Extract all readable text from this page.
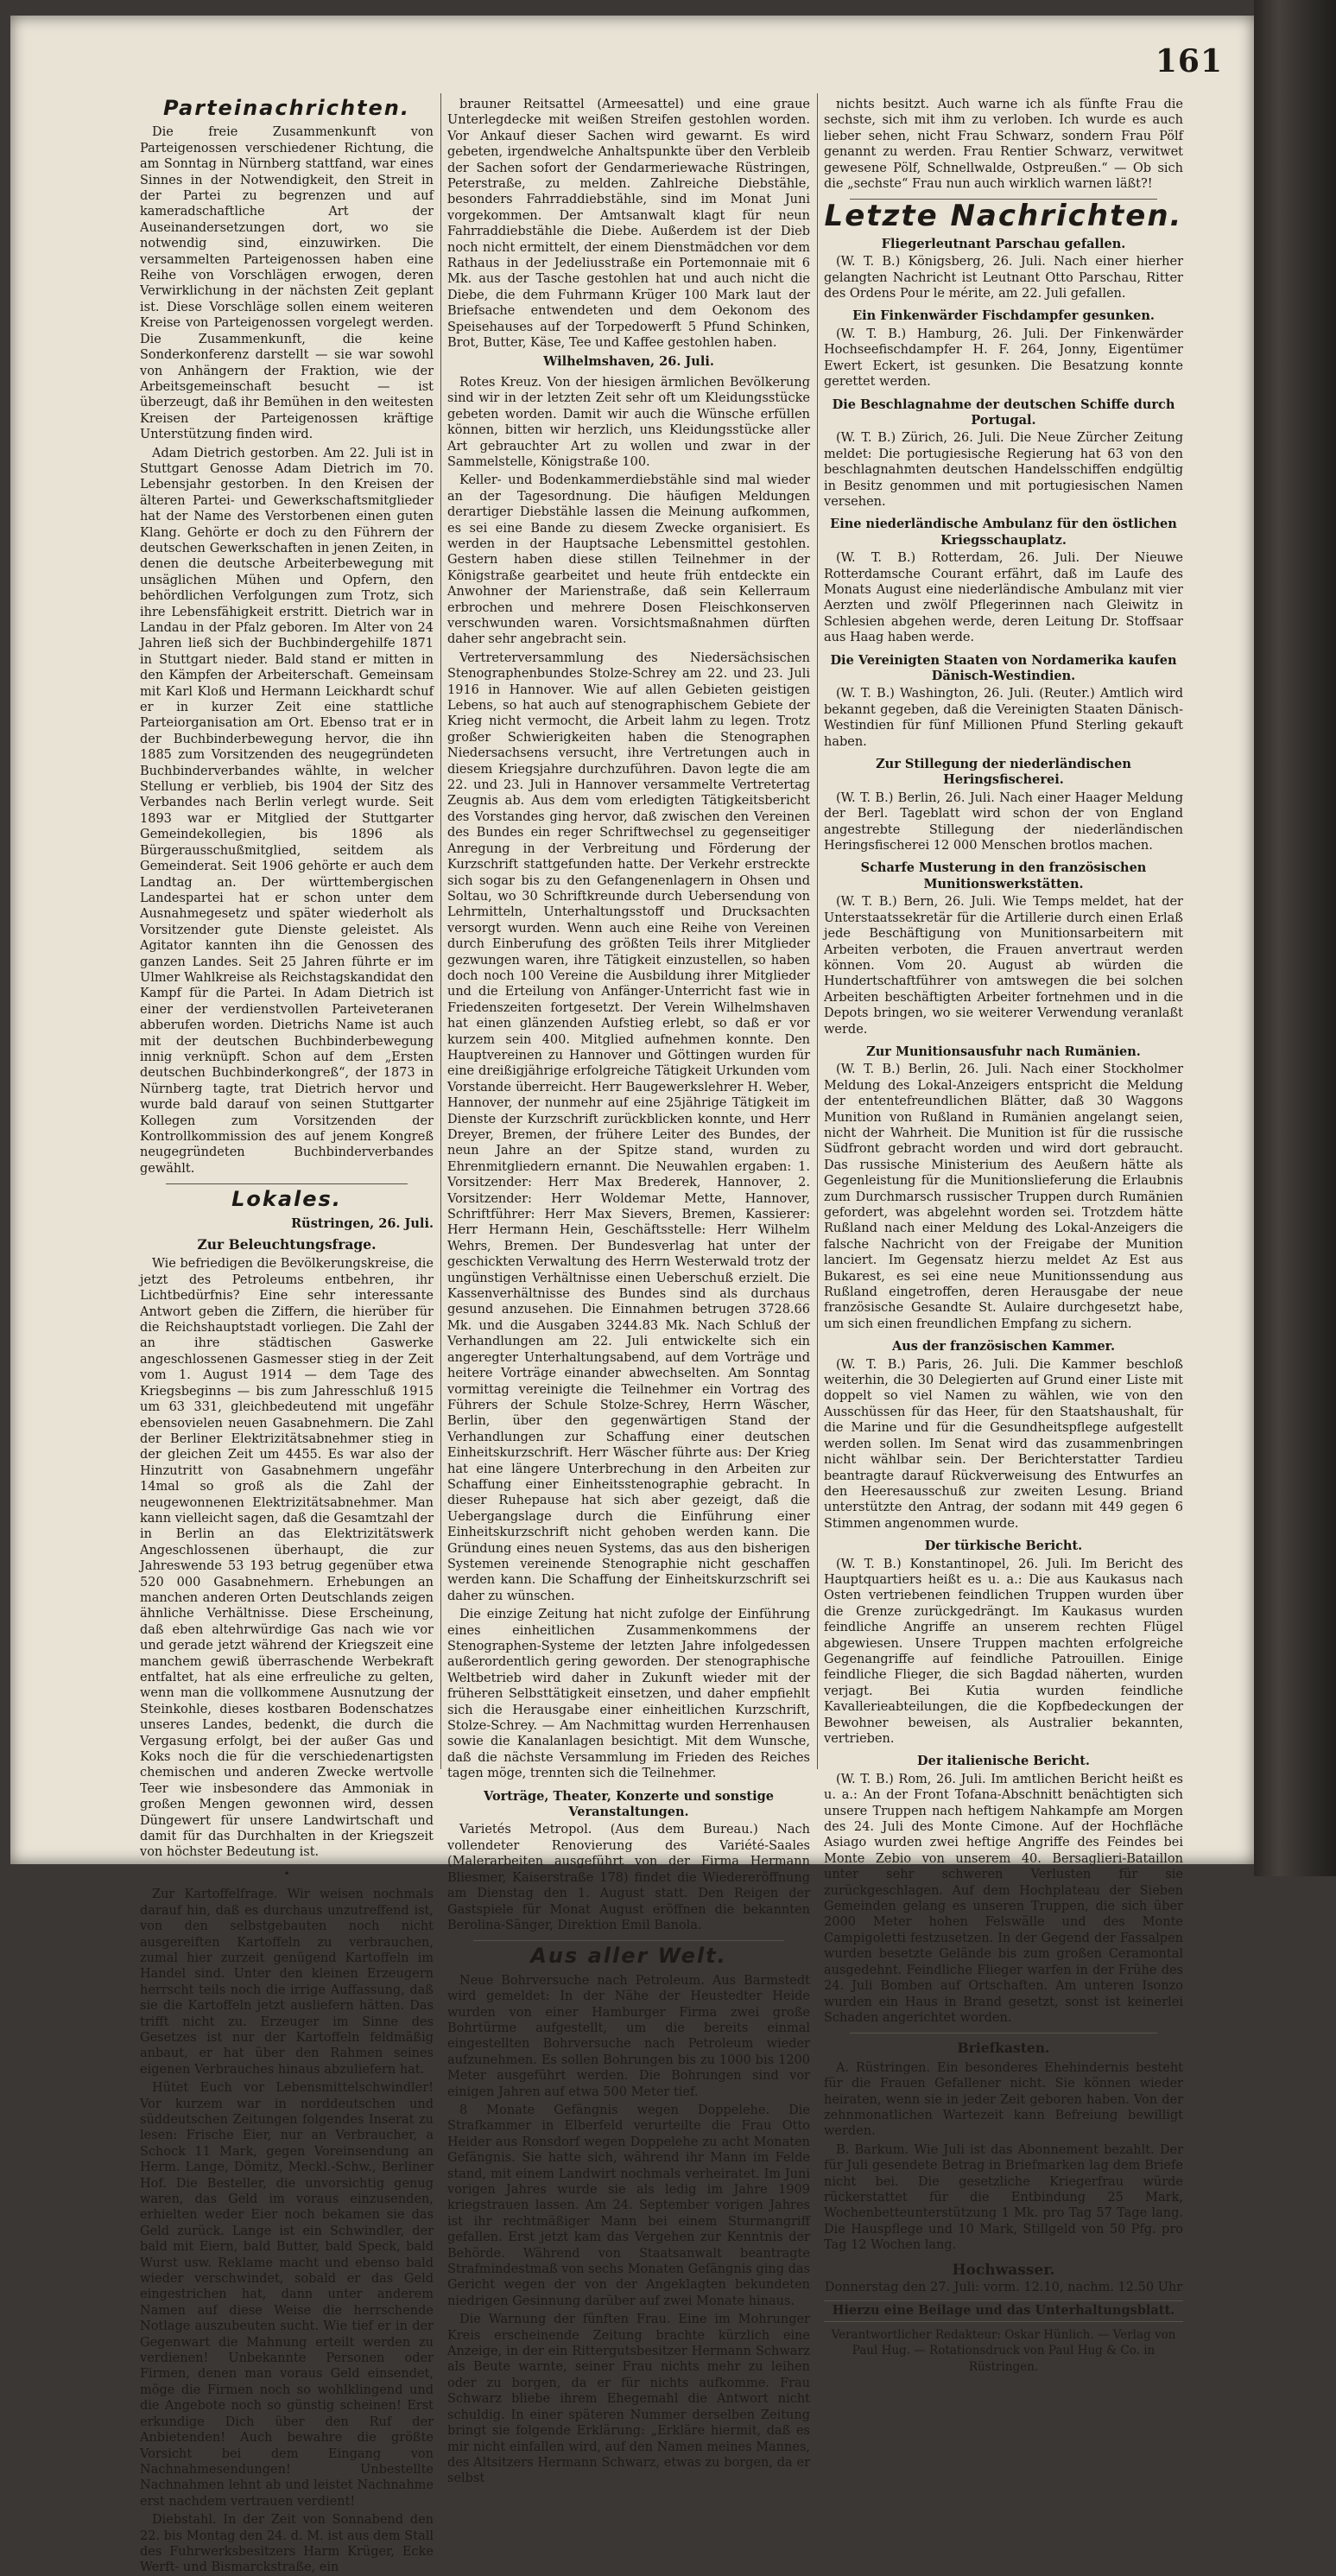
161
Parteinachrichten.

Die freie Zusammenkunft von Parteigenossen verschiedener Richtung, die am Sonntag in Nürnberg stattfand, war eines Sinnes in der Notwendigkeit, den Streit in der Partei zu begrenzen und auf kameradschaftliche Art der Auseinandersetzungen dort, wo sie notwendig sind, einzuwirken. Die versammelten Parteigenossen haben eine Reihe von Vorschlägen erwogen, deren Verwirklichung in der nächsten Zeit geplant ist. Diese Vorschläge sollen einem weiteren Kreise von Parteigenossen vorgelegt werden. Die Zusammenkunft, die keine Sonderkonferenz darstellt — sie war sowohl von Anhängern der Fraktion, wie der Arbeitsgemeinschaft besucht — ist überzeugt, daß ihr Bemühen in den weitesten Kreisen der Parteigenossen kräftige Unterstützung finden wird.

Adam Dietrich gestorben. Am 22. Juli ist in Stuttgart Genosse Adam Dietrich im 70. Lebensjahr gestorben. In den Kreisen der älteren Partei- und Gewerkschaftsmitglieder hat der Name des Verstorbenen einen guten Klang. Gehörte er doch zu den Führern der deutschen Gewerkschaften in jenen Zeiten, in denen die deutsche Arbeiterbewegung mit unsäglichen Mühen und Opfern, den behördlichen Verfolgungen zum Trotz, sich ihre Lebensfähigkeit erstritt. Dietrich war in Landau in der Pfalz geboren. Im Alter von 24 Jahren ließ sich der Buchbindergehilfe 1871 in Stuttgart nieder. Bald stand er mitten in den Kämpfen der Arbeiterschaft. Gemeinsam mit Karl Kloß und Hermann Leickhardt schuf er in kurzer Zeit eine stattliche Parteiorganisation am Ort. Ebenso trat er in der Buchbinderbewegung hervor, die ihn 1885 zum Vorsitzenden des neugegründeten Buchbinderverbandes wählte, in welcher Stellung er verblieb, bis 1904 der Sitz des Verbandes nach Berlin verlegt wurde. Seit 1893 war er Mitglied der Stuttgarter Gemeindekollegien, bis 1896 als Bürgerausschußmitglied, seitdem als Gemeinderat. Seit 1906 gehörte er auch dem Landtag an. Der württembergischen Landespartei hat er schon unter dem Ausnahmegesetz und später wiederholt als Vorsitzender gute Dienste geleistet. Als Agitator kannten ihn die Genossen des ganzen Landes. Seit 25 Jahren führte er im Ulmer Wahlkreise als Reichstagskandidat den Kampf für die Partei. In Adam Dietrich ist einer der verdienstvollen Parteiveteranen abberufen worden. Dietrichs Name ist auch mit der deutschen Buchbinderbewegung innig verknüpft. Schon auf dem „Ersten deutschen Buchbinderkongreß“, der 1873 in Nürnberg tagte, trat Dietrich hervor und wurde bald darauf von seinen Stuttgarter Kollegen zum Vorsitzenden der Kontrollkommission des auf jenem Kongreß neugegründeten Buchbinderverbandes gewählt.

Lokales.
Rüstringen, 26. Juli.
Zur Beleuchtungsfrage.

Wie befriedigen die Bevölkerungskreise, die jetzt des Petroleums entbehren, ihr Lichtbedürfnis? Eine sehr interessante Antwort geben die Ziffern, die hierüber für die Reichshauptstadt vorliegen. Die Zahl der an ihre städtischen Gaswerke angeschlossenen Gasmesser stieg in der Zeit vom 1. August 1914 — dem Tage des Kriegsbeginns — bis zum Jahresschluß 1915 um 63 331, gleichbedeutend mit ungefähr ebensovielen neuen Gasabnehmern. Die Zahl der Berliner Elektrizitätsabnehmer stieg in der gleichen Zeit um 4455. Es war also der Hinzutritt von Gasabnehmern ungefähr 14mal so groß als die Zahl der neugewonnenen Elektrizitätsabnehmer. Man kann vielleicht sagen, daß die Gesamtzahl der in Berlin an das Elektrizitätswerk Angeschlossenen überhaupt, die zur Jahreswende 53 193 betrug gegenüber etwa 520 000 Gasabnehmern. Erhebungen an manchen anderen Orten Deutschlands zeigen ähnliche Verhältnisse. Diese Erscheinung, daß eben altehrwürdige Gas nach wie vor und gerade jetzt während der Kriegszeit eine manchem gewiß überraschende Werbekraft entfaltet, hat als eine erfreuliche zu gelten, wenn man die vollkommene Ausnutzung der Steinkohle, dieses kostbaren Bodenschatzes unseres Landes, bedenkt, die durch die Vergasung erfolgt, bei der außer Gas und Koks noch die für die verschiedenartigsten chemischen und anderen Zwecke wertvolle Teer wie insbesondere das Ammoniak in großen Mengen gewonnen wird, dessen Düngewert für unsere Landwirtschaft und damit für das Durchhalten in der Kriegszeit von höchster Bedeutung ist.

•

Zur Kartoffelfrage. Wir weisen nochmals darauf hin, daß es durchaus unzutreffend ist, von den selbstgebauten noch nicht ausgereiften Kartoffeln zu verbrauchen, zumal hier zurzeit genügend Kartoffeln im Handel sind. Unter den kleinen Erzeugern herrscht teils noch die irrige Auffassung, daß sie die Kartoffeln jetzt ausliefern hätten. Das trifft nicht zu. Erzeuger im Sinne des Gesetzes ist nur der Kartoffeln feldmäßig anbaut, er hat über den Rahmen seines eigenen Verbrauches hinaus abzuliefern hat.

Hütet Euch vor Lebensmittelschwindler! Vor kurzem war in norddeutschen und süddeutschen Zeitungen folgendes Inserat zu lesen: Frische Eier, nur an Verbraucher, a Schock 11 Mark, gegen Voreinsendung an Herm. Lange, Dömitz, Meckl.-Schw., Berliner Hof. Die Besteller, die unvorsichtig genug waren, das Geld im voraus einzusenden, erhielten weder Eier noch bekamen sie das Geld zurück. Lange ist ein Schwindler, der bald mit Eiern, bald Butter, bald Speck, bald Wurst usw. Reklame macht und ebenso bald wieder verschwindet, sobald er das Geld eingestrichen hat, dann unter anderem Namen auf diese Weise die herrschende Notlage auszubeuten sucht. Wie tief er in der Gegenwart die Mahnung erteilt werden zu verdienen! Unbekannte Personen oder Firmen, denen man voraus Geld einsendet, möge die Firmen noch so wohlklingend und die Angebote noch so günstig scheinen! Erst erkundige Dich über den Ruf der Anbietenden! Auch bewahre die größte Vorsicht bei dem Eingang von Nachnahmesendungen! Unbestellte Nachnahmen lehnt ab und leistet Nachnahme erst nachdem vertrauen verdient!

Diebstahl. In der Zeit von Sonnabend den 22. bis Montag den 24. d. M. ist aus dem Stall des Fuhrwerksbesitzers Harm Krüger, Ecke Werft- und Bismarckstraße, ein

brauner Reitsattel (Armeesattel) und eine graue Unterlegdecke mit weißen Streifen gestohlen worden. Vor Ankauf dieser Sachen wird gewarnt. Es wird gebeten, irgendwelche Anhaltspunkte über den Verbleib der Sachen sofort der Gendarmeriewache Rüstringen, Peterstraße, zu melden. Zahlreiche Diebstähle, besonders Fahrraddiebstähle, sind im Monat Juni vorgekommen. Der Amtsanwalt klagt für neun Fahrraddiebstähle die Diebe. Außerdem ist der Dieb noch nicht ermittelt, der einem Dienstmädchen vor dem Rathaus in der Jedeliusstraße ein Portemonnaie mit 6 Mk. aus der Tasche gestohlen hat und auch nicht die Diebe, die dem Fuhrmann Krüger 100 Mark laut der Briefsache entwendeten und dem Oekonom des Speisehauses auf der Torpedowerft 5 Pfund Schinken, Brot, Butter, Käse, Tee und Kaffee gestohlen haben.

Wilhelmshaven, 26. Juli.

Rotes Kreuz. Von der hiesigen ärmlichen Bevölkerung sind wir in der letzten Zeit sehr oft um Kleidungsstücke gebeten worden. Damit wir auch die Wünsche erfüllen können, bitten wir herzlich, uns Kleidungsstücke aller Art gebrauchter Art zu wollen und zwar in der Sammelstelle, Königstraße 100.

Keller- und Bodenkammerdiebstähle sind mal wieder an der Tagesordnung. Die häufigen Meldungen derartiger Diebstähle lassen die Meinung aufkommen, es sei eine Bande zu diesem Zwecke organisiert. Es werden in der Hauptsache Lebensmittel gestohlen. Gestern haben diese stillen Teilnehmer in der Königstraße gearbeitet und heute früh entdeckte ein Anwohner der Marienstraße, daß sein Kellerraum erbrochen und mehrere Dosen Fleischkonserven verschwunden waren. Vorsichtsmaßnahmen dürften daher sehr angebracht sein.

Vertreterversammlung des Niedersächsischen Stenographenbundes Stolze-Schrey am 22. und 23. Juli 1916 in Hannover. Wie auf allen Gebieten geistigen Lebens, so hat auch auf stenographischem Gebiete der Krieg nicht vermocht, die Arbeit lahm zu legen. Trotz großer Schwierigkeiten haben die Stenographen Niedersachsens versucht, ihre Vertretungen auch in diesem Kriegsjahre durchzuführen. Davon legte die am 22. und 23. Juli in Hannover versammelte Vertretertag Zeugnis ab. Aus dem vom erledigten Tätigkeitsbericht des Vorstandes ging hervor, daß zwischen den Vereinen des Bundes ein reger Schriftwechsel zu gegenseitiger Anregung in der Verbreitung und Förderung der Kurzschrift stattgefunden hatte. Der Verkehr erstreckte sich sogar bis zu den Gefangenenlagern in Ohsen und Soltau, wo 30 Schriftkreunde durch Uebersendung von Lehrmitteln, Unterhaltungsstoff und Drucksachten versorgt wurden. Wenn auch eine Reihe von Vereinen durch Einberufung des größten Teils ihrer Mitglieder gezwungen waren, ihre Tätigkeit einzustellen, so haben doch noch 100 Vereine die Ausbildung ihrer Mitglieder und die Erteilung von Anfänger-Unterricht fast wie in Friedenszeiten fortgesetzt. Der Verein Wilhelmshaven hat einen glänzenden Aufstieg erlebt, so daß er vor kurzem sein 400. Mitglied aufnehmen konnte. Den Hauptvereinen zu Hannover und Göttingen wurden für eine dreißigjährige erfolgreiche Tätigkeit Urkunden vom Vorstande überreicht. Herr Baugewerkslehrer H. Weber, Hannover, der nunmehr auf eine 25jährige Tätigkeit im Dienste der Kurzschrift zurückblicken konnte, und Herr Dreyer, Bremen, der frühere Leiter des Bundes, der neun Jahre an der Spitze stand, wurden zu Ehrenmitgliedern ernannt. Die Neuwahlen ergaben: 1. Vorsitzender: Herr Max Brederek, Hannover, 2. Vorsitzender: Herr Woldemar Mette, Hannover, Schriftführer: Herr Max Sievers, Bremen, Kassierer: Herr Hermann Hein, Geschäftsstelle: Herr Wilhelm Wehrs, Bremen. Der Bundesverlag hat unter der geschickten Verwaltung des Herrn Westerwald trotz der ungünstigen Verhältnisse einen Ueberschuß erzielt. Die Kassenverhältnisse des Bundes sind als durchaus gesund anzusehen. Die Einnahmen betrugen 3728.66 Mk. und die Ausgaben 3244.83 Mk. Nach Schluß der Verhandlungen am 22. Juli entwickelte sich ein angeregter Unterhaltungsabend, auf dem Vorträge und heitere Vorträge einander abwechselten. Am Sonntag vormittag vereinigte die Teilnehmer ein Vortrag des Führers der Schule Stolze-Schrey, Herrn Wäscher, Berlin, über den gegenwärtigen Stand der Verhandlungen zur Schaffung einer deutschen Einheitskurzschrift. Herr Wäscher führte aus: Der Krieg hat eine längere Unterbrechung in den Arbeiten zur Schaffung einer Einheitsstenographie gebracht. In dieser Ruhepause hat sich aber gezeigt, daß die Uebergangslage durch die Einführung einer Einheitskurzschrift nicht gehoben werden kann. Die Gründung eines neuen Systems, das aus den bisherigen Systemen vereinende Stenographie nicht geschaffen werden kann. Die Schaffung der Einheitskurzschrift sei daher zu wünschen.

Die einzige Zeitung hat nicht zufolge der Einführung eines einheitlichen Zusammenkommens der Stenographen-Systeme der letzten Jahre infolgedessen außerordentlich gering geworden. Der stenographische Weltbetrieb wird daher in Zukunft wieder mit der früheren Selbsttätigkeit einsetzen, und daher empfiehlt sich die Herausgabe einer einheitlichen Kurzschrift, Stolze-Schrey. — Am Nachmittag wurden Herrenhausen sowie die Kanalanlagen besichtigt. Mit dem Wunsche, daß die nächste Versammlung im Frieden des Reiches tagen möge, trennten sich die Teilnehmer.

Vorträge, Theater, Konzerte und sonstige Veranstaltungen.

Varietés Metropol. (Aus dem Bureau.) Nach vollendeter Renovierung des Variété-Saales (Malerarbeiten ausgeführt von der Firma Hermann Bliesmer, Kaiserstraße 178) findet die Wiedereröffnung am Dienstag den 1. August statt. Den Reigen der Gastspiele für Monat August eröffnen die bekannten Berolina-Sänger, Direktion Emil Banola.

Aus aller Welt.

Neue Bohrversuche nach Petroleum. Aus Barmstedt wird gemeldet: In der Nähe der Heustedter Heide wurden von einer Hamburger Firma zwei große Bohrtürme aufgestellt, um die bereits einmal eingestellten Bohrversuche nach Petroleum wieder aufzunehmen. Es sollen Bohrungen bis zu 1000 bis 1200 Meter ausgeführt werden. Die Bohrungen sind vor einigen Jahren auf etwa 500 Meter tief.

8 Monate Gefängnis wegen Doppelehe. Die Strafkammer in Elberfeld verurteilte die Frau Otto Heider aus Ronsdorf wegen Doppelehe zu acht Monaten Gefängnis. Sie hatte sich, während ihr Mann im Felde stand, mit einem Landwirt nochmals verheiratet. Im Juni vorigen Jahres wurde sie als ledig im Jahre 1909 kriegstrauen lassen. Am 24. September vorigen Jahres ist ihr rechtmäßiger Mann bei einem Sturmangriff gefallen. Erst jetzt kam das Vergehen zur Kenntnis der Behörde. Während von Staatsanwalt beantragte Strafmindestmaß von sechs Monaten Gefängnis ging das Gericht wegen der von der Angeklagten bekundeten niedrigen Gesinnung darüber auf zwei Monate hinaus.

Die Warnung der fünften Frau. Eine im Mohrunger Kreis erscheinende Zeitung brachte kürzlich eine Anzeige, in der ein Rittergutsbesitzer Hermann Schwarz als Beute warnte, seiner Frau nichts mehr zu leihen oder zu borgen, da er für nichts aufkomme. Frau Schwarz bliebe ihrem Ehegemahl die Antwort nicht schuldig. In einer späteren Nummer derselben Zeitung bringt sie folgende Erklärung: „Erkläre hiermit, daß es mir nicht einfallen wird, auf den Namen meines Mannes, des Altsitzers Hermann Schwarz, etwas zu borgen, da er selbst

nichts besitzt. Auch warne ich als fünfte Frau die sechste, sich mit ihm zu verloben. Ich wurde es auch lieber sehen, nicht Frau Schwarz, sondern Frau Pölf genannt zu werden. Frau Rentier Schwarz, verwitwet gewesene Pölf, Schnellwalde, Ostpreußen.“ — Ob sich die „sechste“ Frau nun auch wirklich warnen läßt?!

Letzte Nachrichten.

Fliegerleutnant Parschau gefallen.

(W. T. B.) Königsberg, 26. Juli. Nach einer hierher gelangten Nachricht ist Leutnant Otto Parschau, Ritter des Ordens Pour le mérite, am 22. Juli gefallen.

Ein Finkenwärder Fischdampfer gesunken.

(W. T. B.) Hamburg, 26. Juli. Der Finkenwärder Hochseefischdampfer H. F. 264, Jonny, Eigentümer Ewert Eckert, ist gesunken. Die Besatzung konnte gerettet werden.

Die Beschlagnahme der deutschen Schiffe durch Portugal.

(W. T. B.) Zürich, 26. Juli. Die Neue Zürcher Zeitung meldet: Die portugiesische Regierung hat 63 von den beschlagnahmten deutschen Handelsschiffen endgültig in Besitz genommen und mit portugiesischen Namen versehen.

Eine niederländische Ambulanz für den östlichen Kriegsschauplatz.

(W. T. B.) Rotterdam, 26. Juli. Der Nieuwe Rotterdamsche Courant erfährt, daß im Laufe des Monats August eine niederländische Ambulanz mit vier Aerzten und zwölf Pflegerinnen nach Gleiwitz in Schlesien abgehen werde, deren Leitung Dr. Stoffsaar aus Haag haben werde.

Die Vereinigten Staaten von Nordamerika kaufen Dänisch-Westindien.

(W. T. B.) Washington, 26. Juli. (Reuter.) Amtlich wird bekannt gegeben, daß die Vereinigten Staaten Dänisch-Westindien für fünf Millionen Pfund Sterling gekauft haben.

Zur Stillegung der niederländischen Heringsfischerei.

(W. T. B.) Berlin, 26. Juli. Nach einer Haager Meldung der Berl. Tageblatt wird schon der von England angestrebte Stillegung der niederländischen Heringsfischerei 12 000 Menschen brotlos machen.

Scharfe Musterung in den französischen Munitionswerkstätten.

(W. T. B.) Bern, 26. Juli. Wie Temps meldet, hat der Unterstaatssekretär für die Artillerie durch einen Erlaß jede Beschäftigung von Munitionsarbeitern mit Arbeiten verboten, die Frauen anvertraut werden können. Vom 20. August ab würden die Hundertschaftführer von amtswegen die bei solchen Arbeiten beschäftigten Arbeiter fortnehmen und in die Depots bringen, wo sie weiterer Verwendung veranlaßt werde.

Zur Munitionsausfuhr nach Rumänien.

(W. T. B.) Berlin, 26. Juli. Nach einer Stockholmer Meldung des Lokal-Anzeigers entspricht die Meldung der ententefreundlichen Blätter, daß 30 Waggons Munition von Rußland in Rumänien angelangt seien, nicht der Wahrheit. Die Munition ist für die russische Südfront gebracht worden und wird dort gebraucht. Das russische Ministerium des Aeußern hätte als Gegenleistung für die Munitionslieferung die Erlaubnis zum Durchmarsch russischer Truppen durch Rumänien gefordert, was abgelehnt worden sei. Trotzdem hätte Rußland nach einer Meldung des Lokal-Anzeigers die falsche Nachricht von der Freigabe der Munition lanciert. Im Gegensatz hierzu meldet Az Est aus Bukarest, es sei eine neue Munitionssendung aus Rußland eingetroffen, deren Herausgabe der neue französische Gesandte St. Aulaire durchgesetzt habe, um sich einen freundlichen Empfang zu sichern.

Aus der französischen Kammer.

(W. T. B.) Paris, 26. Juli. Die Kammer beschloß weiterhin, die 30 Delegierten auf Grund einer Liste mit doppelt so viel Namen zu wählen, wie von den Ausschüssen für das Heer, für den Staatshaushalt, für die Marine und für die Gesundheitspflege aufgestellt werden sollen. Im Senat wird das zusammenbringen nicht wählbar sein. Der Berichterstatter Tardieu beantragte darauf Rückverweisung des Entwurfes an den Heeresausschuß zur zweiten Lesung. Briand unterstützte den Antrag, der sodann mit 449 gegen 6 Stimmen angenommen wurde.

Der türkische Bericht.

(W. T. B.) Konstantinopel, 26. Juli. Im Bericht des Hauptquartiers heißt es u. a.: Die aus Kaukasus nach Osten vertriebenen feindlichen Truppen wurden über die Grenze zurückgedrängt. Im Kaukasus wurden feindliche Angriffe an unserem rechten Flügel abgewiesen. Unsere Truppen machten erfolgreiche Gegenangriffe auf feindliche Patrouillen. Einige feindliche Flieger, die sich Bagdad näherten, wurden verjagt. Bei Kutia wurden feindliche Kavallerieabteilungen, die die Kopfbedeckungen der Bewohner beweisen, als Australier bekannten, vertrieben.

Der italienische Bericht.

(W. T. B.) Rom, 26. Juli. Im amtlichen Bericht heißt es u. a.: An der Front Tofana-Abschnitt benächtigten sich unsere Truppen nach heftigem Nahkampfe am Morgen des 24. Juli des Monte Cimone. Auf der Hochfläche Asiago wurden zwei heftige Angriffe des Feindes bei Monte Zebio von unserem 40. Bersaglieri-Bataillon unter sehr schweren Verlusten für sie zurückgeschlagen. Auf dem Hochplateau der Sieben Gemeinden gelang es unseren Truppen, die sich über 2000 Meter hohen Felswälle und des Monte Campigoletti festzusetzen. In der Gegend der Fassalpen wurden besetzte Gelände bis zum großen Ceramontal ausgedehnt. Feindliche Flieger warfen in der Frühe des 24. Juli Bomben auf Ortschaften. Am unteren Isonzo wurden ein Haus in Brand gesetzt, sonst ist keinerlei Schaden angerichtet worden.

Briefkasten.

A. Rüstringen. Ein besonderes Ehehindernis besteht für die Frauen Gefallener nicht. Sie können wieder heiraten, wenn sie in jeder Zeit geboren haben. Von der zehnmonatlichen Wartezeit kann Befreiung bewilligt werden.

B. Barkum. Wie Juli ist das Abonnement bezahlt. Der für Juli gesendete Betrag in Briefmarken lag dem Briefe nicht bei. Die gesetzliche Kriegerfrau würde rückerstattet für die Entbindung 25 Mark, Wochenbetteunterstützung 1 Mk. pro Tag 57 Tage lang. Die Hauspflege und 10 Mark, Stillgeld von 50 Pfg. pro Tag 12 Wochen lang.

Hochwasser.
Donnerstag den 27. Juli: vorm. 12.10, nachm. 12.50 Uhr
Hierzu eine Beilage und das Unterhaltungsblatt.
Verantwortlicher Redakteur: Oskar Hünlich. — Verlag von Paul Hug. — Rotationsdruck von Paul Hug & Co. in Rüstringen.
